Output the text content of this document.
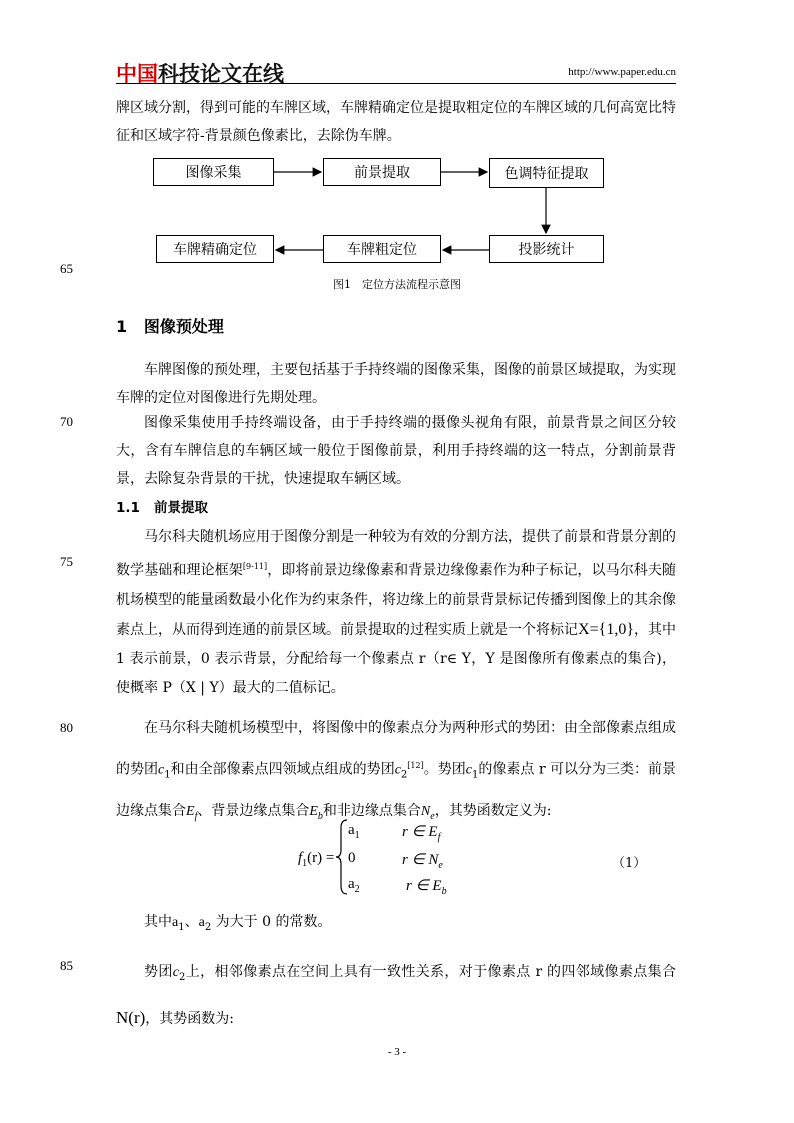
中国科技论文在线	http://www.paper.edu.cn
牌区域分割，得到可能的车牌区域，车牌精确定位是提取粗定位的车牌区域的几何高宽比特征和区域字符-背景颜色像素比，去除伪车牌。
图像采集	前景提取	色调特征提取
投影统计
车牌粗定位
车牌精确定位
图1　定位方法流程示意图
65
70
75
80
85
1 图像预处理
车牌图像的预处理，主要包括基于手持终端的图像采集，图像的前景区域提取，为实现车牌的定位对图像进行先期处理。
图像采集使用手持终端设备，由于手持终端的摄像头视角有限，前景背景之间区分较大，含有车牌信息的车辆区域一般位于图像前景，利用手持终端的这一特点，分割前景背景，去除复杂背景的干扰，快速提取车辆区域。
1.1 前景提取
马尔科夫随机场应用于图像分割是一种较为有效的分割方法，提供了前景和背景分割的数学基础和理论框架[9-11]，即将前景边缘像素和背景边缘像素作为种子标记，以马尔科夫随机场模型的能量函数最小化作为约束条件，将边缘上的前景背景标记传播到图像上的其余像素点上，从而得到连通的前景区域。前景提取的过程实质上就是一个将标记X={1,0}，其中 1 表示前景，0 表示背景，分配给每一个像素点 r（r∈ Y，Y 是图像所有像素点的集合)，使概率 P（X | Y）最大的二值标记。
在马尔科夫随机场模型中，将图像中的像素点分为两种形式的势团：由全部像素点组成的势团$c_1$和由全部像素点四领域点组成的势团$c_2[12]$。势团$c_1$的像素点 r 可以分为三类：前景边缘点集合$E_f$、背景边缘点集合$E_b$和非边缘点集合$N_e$，其势函数定义为:
$f_1(r)$ =
$a_1$	r ∈ $E_f$
0	r ∈ $N_e$
$a_2$	r ∈ $E_b$
（1）
其中$a_1$、$a_2$ 为大于 0 的常数。
势团$c_2$上，相邻像素点在空间上具有一致性关系，对于像素点 r 的四邻域像素点集合N(r)，其势函数为:
- 3 -
